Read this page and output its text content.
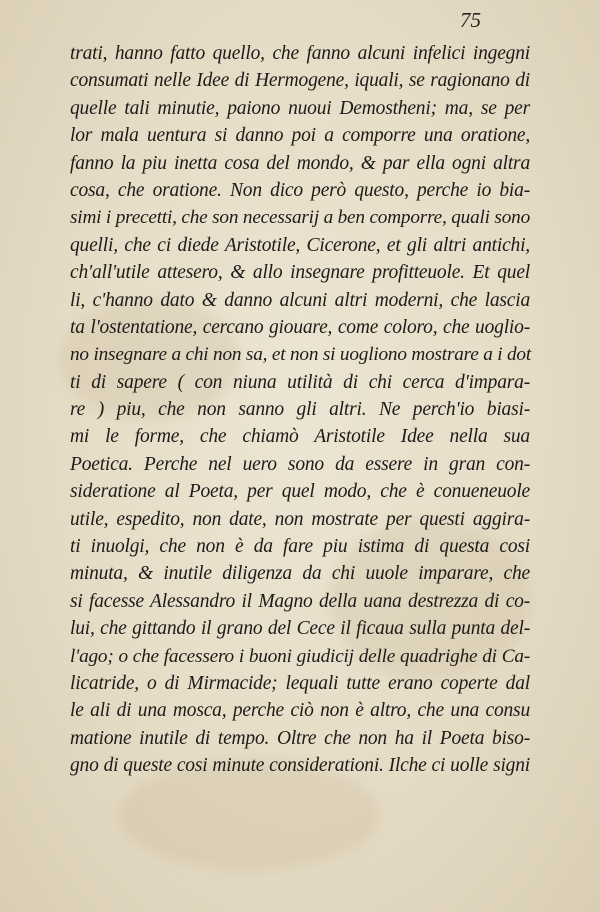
75
trati, hanno fatto quello, che fanno alcuni infelici ingegni
consumati nelle Idee di Hermogene, iquali, se ragionano di
quelle tali minutie, paiono nuoui Demostheni; ma, se per
lor mala uentura si danno poi a comporre una oratione,
fanno la piu inetta cosa del mondo, & par ella ogni altra
cosa, che oratione. Non dico però questo, perche io bia-
simi i precetti, che son necessarij a ben comporre, quali sono
quelli, che ci diede Aristotile, Cicerone, et gli altri antichi,
ch'all'utile attesero, & allo insegnare profitteuole. Et quel
li, c'hanno dato & danno alcuni altri moderni, che lascia
ta l'ostentatione, cercano giouare, come coloro, che uoglio-
no insegnare a chi non sa, et non si uogliono mostrare a i dot
ti di sapere ( con niuna utilità di chi cerca d'impara-
re ) piu, che non sanno gli altri. Ne perch'io biasi-
mi le forme, che chiamò Aristotile Idee nella sua
Poetica. Perche nel uero sono da essere in gran con-
sideratione al Poeta, per quel modo, che è conueneuole
utile, espedito, non date, non mostrate per questi aggira-
ti inuolgi, che non è da fare piu istima di questa cosi
minuta, & inutile diligenza da chi uuole imparare, che
si facesse Alessandro il Magno della uana destrezza di co-
lui, che gittando il grano del Cece il ficaua sulla punta del-
l'ago; o che facessero i buoni giudicij delle quadrighe di Ca-
licatride, o di Mirmacide; lequali tutte erano coperte dal
le ali di una mosca, perche ciò non è altro, che una consu
matione inutile di tempo. Oltre che non ha il Poeta biso-
gno di queste cosi minute considerationi. Ilche ci uolle signi
